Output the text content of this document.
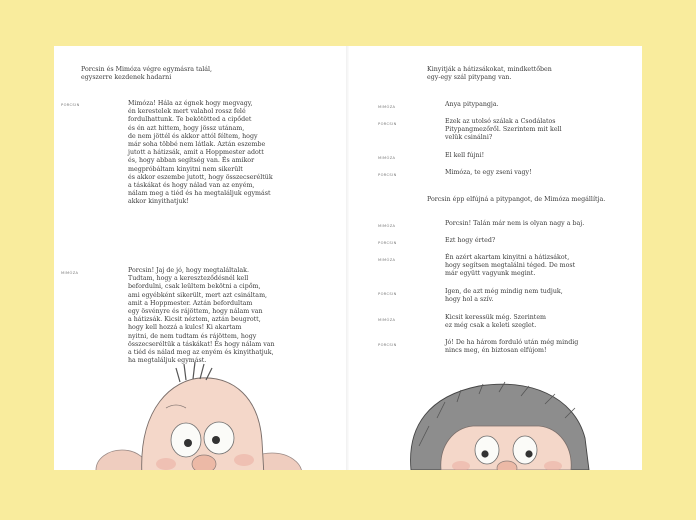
Porcsin és Mimóza végre egymásra talál,
egyszerre kezdenek hadarni
PORCSIN	Mimóza! Hála az égnek hogy megvagy,
én kerestelek mert valahol rossz felé
fordulhattunk. Te bekötötted a cipődet
és én azt hittem, hogy jössz utánam,
de nem jöttél és akkor attól féltem, hogy
már soha többé nem látlak. Aztán eszembe
jutott a hátizsák, amit a Hoppmester adott
és, hogy abban segítség van. És amikor
megpróbáltam kinyitni nem sikerült
és akkor eszembe jutott, hogy összecseréltük
a táskákat és hogy nálad van az enyém,
nálam meg a tiéd és ha megtaláljuk egymást
akkor kinyithatjuk!
MIMÓZA	Porcsin! Jaj de jó, hogy megtaláltalak.
Tudtam, hogy a kereszteződésnél kell
befordulni, csak leültem bekötni a cipőm,
ami egyébként sikerült, mert azt csináltam,
amit a Hoppmester. Aztán befordultam
egy ösvényre és rájöttem, hogy nálam van
a hátizsák. Kicsit néztem, aztán beugrott,
hogy kell hozzá a kulcs! Ki akartam
nyitni, de nem tudtam és rájöttem, hogy
összecseréltük a táskákat! És hogy nálam van
a tiéd és nálad meg az enyém és kinyithatjuk,
ha megtaláljuk egymást.
Kinyitják a hátizsákokat, mindkettőben
egy-egy szál pitypang van.
MIMÓZA	Anya pitypangja.
PORCSIN	Ezek az utolsó szálak a Csodálatos
Pitypangmezőről. Szerintem mit kell
velük csinálni?
MIMÓZA	El kell fújni!
PORCSIN	Mimóza, te egy zseni vagy!
Porcsin épp elfújná a pitypangot, de Mimóza megállítja.
MIMÓZA	Porcsin! Talán már nem is olyan nagy a baj.
PORCSIN	Ezt hogy érted?
MIMÓZA	Én azért akartam kinyitni a hátizsákot,
hogy segítsen megtalálni téged. De most
már együtt vagyunk megint.
PORCSIN	Igen, de azt még mindig nem tudjuk,
hogy hol a szív.
MIMÓZA	Kicsit keressük még. Szerintem
ez még csak a keleti szeglet.
PORCSIN	Jó! De ha három forduló után még mindig
nincs meg, én biztosan elfújom!
